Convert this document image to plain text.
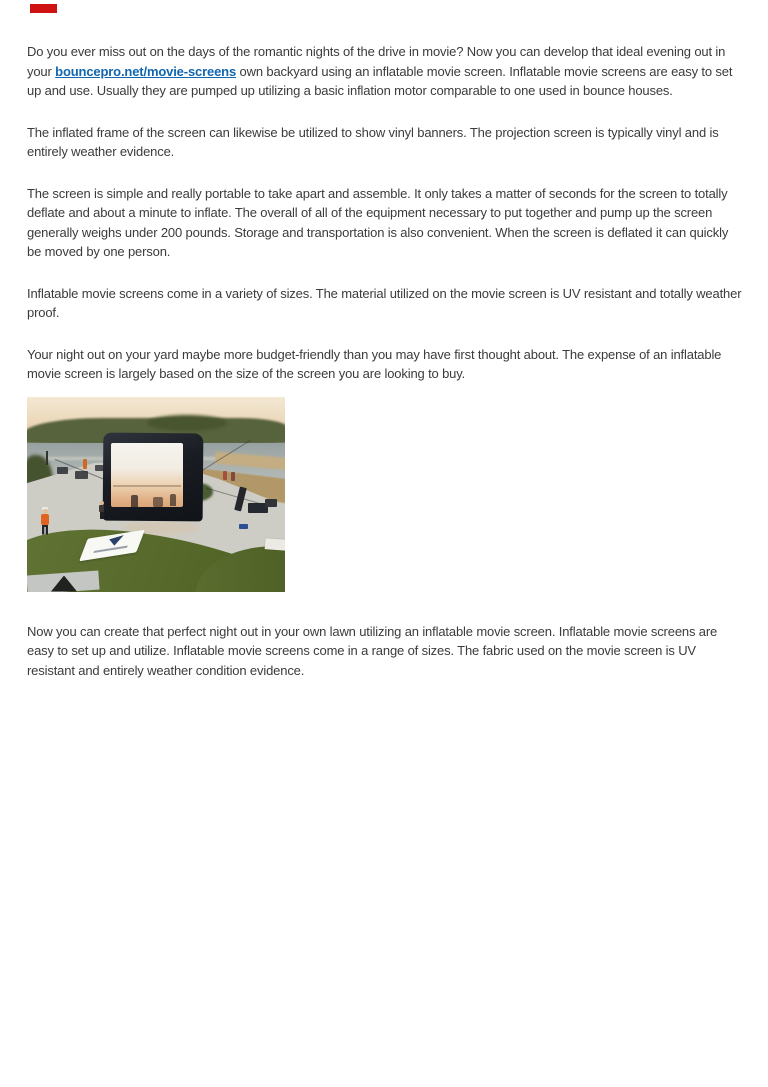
Do you ever miss out on the days of the romantic nights of the drive in movie? Now you can develop that ideal evening out in your bouncepro.net/movie-screens own backyard using an inflatable movie screen. Inflatable movie screens are easy to set up and use. Usually they are pumped up utilizing a basic inflation motor comparable to one used in bounce houses.

The inflated frame of the screen can likewise be utilized to show vinyl banners. The projection screen is typically vinyl and is entirely weather evidence.

The screen is simple and really portable to take apart and assemble. It only takes a matter of seconds for the screen to totally deflate and about a minute to inflate. The overall of all of the equipment necessary to put together and pump up the screen generally weighs under 200 pounds. Storage and transportation is also convenient. When the screen is deflated it can quickly be moved by one person.

Inflatable movie screens come in a variety of sizes. The material utilized on the movie screen is UV resistant and totally weather proof.

Your night out on your yard maybe more budget-friendly than you may have first thought about. The expense of an inflatable movie screen is largely based on the size of the screen you are looking to buy.

Now you can create that perfect night out in your own lawn utilizing an inflatable movie screen. Inflatable movie screens are easy to set up and utilize. Inflatable movie screens come in a range of sizes. The fabric used on the movie screen is UV resistant and entirely weather condition evidence.
